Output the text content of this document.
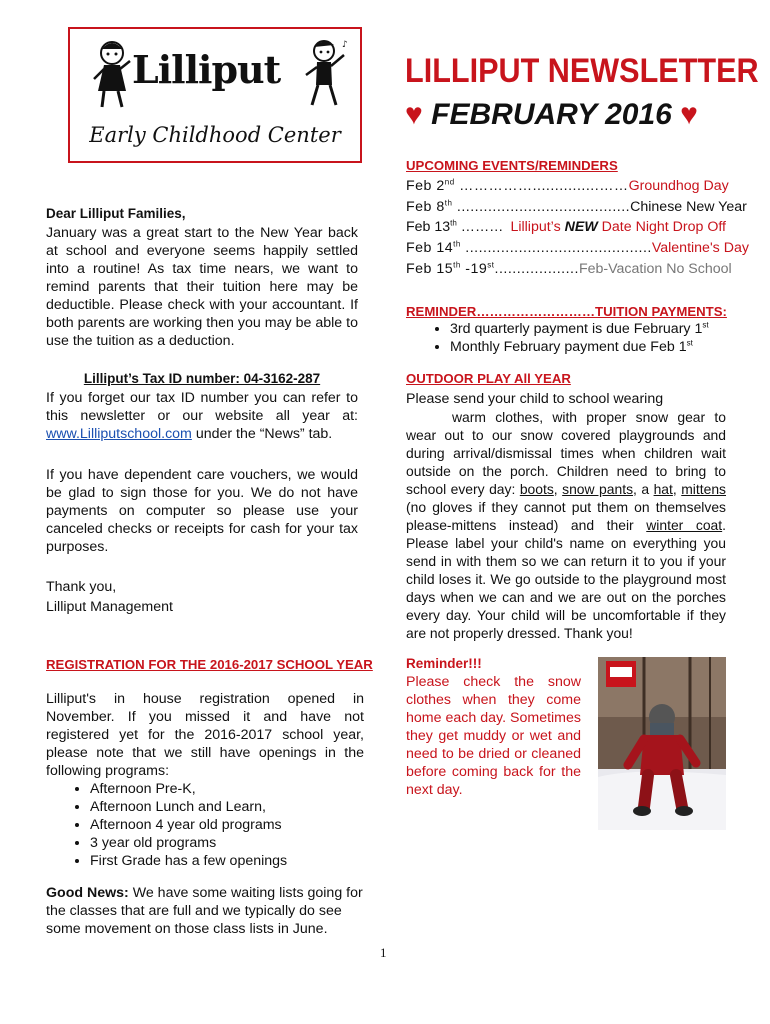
Lilliput
♪
Early Childhood Center
LILLIPUT NEWSLETTER
♥ FEBRUARY 2016 ♥
Dear Lilliput Families,
January was a great start to the New Year back at school and everyone seems happily settled into a routine! As tax time nears, we want to remind parents that their tuition here may be deductible. Please check with your accountant. If both parents are working then you may be able to use the tuition as a deduction.
Lilliput’s Tax ID number: 04-3162-287
If you forget our tax ID number you can refer to this newsletter or our website all year at: www.Lilliputschool.com under the “News” tab.
If you have dependent care vouchers, we would be glad to sign those for you. We do not have payments on computer so please use your canceled checks or receipts for cash for your tax purposes.
Thank you,
Lilliput Management
REGISTRATION FOR THE 2016-2017 SCHOOL YEAR
Lilliput's in house registration opened in November. If you missed it and have not registered yet for the 2016-2017 school year, please note that we still have openings in the following programs:
• Afternoon Pre-K,
• Afternoon Lunch and Learn,
• Afternoon 4 year old programs
• 3 year old programs
• First Grade has a few openings
Good News: We have some waiting lists going for the classes that are full and we typically do see some movement on those class lists in June.
UPCOMING EVENTS/REMINDERS
Feb 2nd ……………...............…… Groundhog Day
Feb 8th ....................................... Chinese New Year
Feb 13th ……… Lilliput’s NEW Date Night Drop Off
Feb 14th .......................................... Valentine's Day
Feb 15th -19st................... Feb-Vacation No School
REMINDER……………………… TUITION PAYMENTS:
• 3rd quarterly payment is due February 1st
• Monthly February payment due Feb 1st
OUTDOOR PLAY All YEAR
Please send your child to school wearing
warm clothes, with proper snow gear to wear out to our snow covered playgrounds and during arrival/dismissal times when children wait outside on the porch. Children need to bring to school every day: boots, snow pants, a hat, mittens (no gloves if they cannot put them on themselves please-mittens instead) and their winter coat. Please label your child's name on everything you send in with them so we can return it to you if your child loses it. We go outside to the playground most days when we can and we are out on the porches every day. Your child will be uncomfortable if they are not properly dressed. Thank you!
Reminder!!!
Please check the snow clothes when they come home each day. Sometimes they get muddy or wet and need to be dried or cleaned before coming back for the next day.
1
